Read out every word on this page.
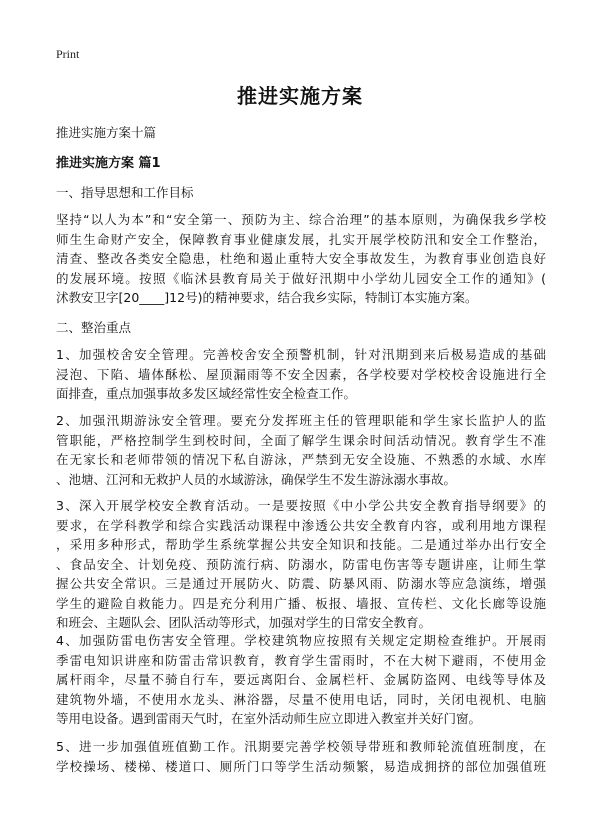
Print
推进实施方案
推进实施方案十篇
推进实施方案 篇1
一、指导思想和工作目标

坚持“以人为本”和“安全第一、预防为主、综合治理”的基本原则，为确保我乡学校
师生生命财产安全，保障教育事业健康发展，扎实开展学校防汛和安全工作整治，
清查、整改各类安全隐患，杜绝和遏止重特大安全事故发生，为教育事业创造良好
的发展环境。按照《临沭县教育局关于做好汛期中小学幼儿园安全工作的通知》(
沭教安卫字[20____]12号)的精神要求，结合我乡实际，特制订本实施方案。

二、整治重点

1、加强校舍安全管理。完善校舍安全预警机制，针对汛期到来后极易造成的基础
浸泡、下陷、墙体酥松、屋顶漏雨等不安全因素，各学校要对学校校舍设施进行全
面排查，重点加强事故多发区域经常性安全检查工作。

2、加强汛期游泳安全管理。要充分发挥班主任的管理职能和学生家长监护人的监
管职能，严格控制学生到校时间，全面了解学生课余时间活动情况。教育学生不准
在无家长和老师带领的情况下私自游泳，严禁到无安全设施、不熟悉的水域、水库
、池塘、江河和无救护人员的水域游泳，确保学生不发生游泳溺水事故。

3、深入开展学校安全教育活动。一是要按照《中小学公共安全教育指导纲要》的
要求，在学科教学和综合实践活动课程中渗透公共安全教育内容，或利用地方课程
，采用多种形式，帮助学生系统掌握公共安全知识和技能。二是通过举办出行安全
、食品安全、计划免疫、预防流行病、防溺水，防雷电伤害等专题讲座，让师生掌
握公共安全常识。三是通过开展防火、防震、防暴风雨、防溺水等应急演练，增强
学生的避险自救能力。四是充分利用广播、板报、墙报、宣传栏、文化长廊等设施
和班会、主题队会、团队活动等形式，加强对学生的日常安全教育。

4、加强防雷电伤害安全管理。学校建筑物应按照有关规定定期检查维护。开展雨
季雷电知识讲座和防雷击常识教育，教育学生雷雨时，不在大树下避雨，不使用金
属杆雨伞，尽量不骑自行车，要远离阳台、金属栏杆、金属防盗网、电线等导体及
建筑物外墙，不使用水龙头、淋浴器，尽量不使用电话，同时，关闭电视机、电脑
等用电设备。遇到雷雨天气时，在室外活动师生应立即进入教室并关好门窗。

5、进一步加强值班值勤工作。汛期要完善学校领导带班和教师轮流值班制度，在
学校操场、楼梯、楼道口、厕所门口等学生活动频繁，易造成拥挤的部位加强值班
